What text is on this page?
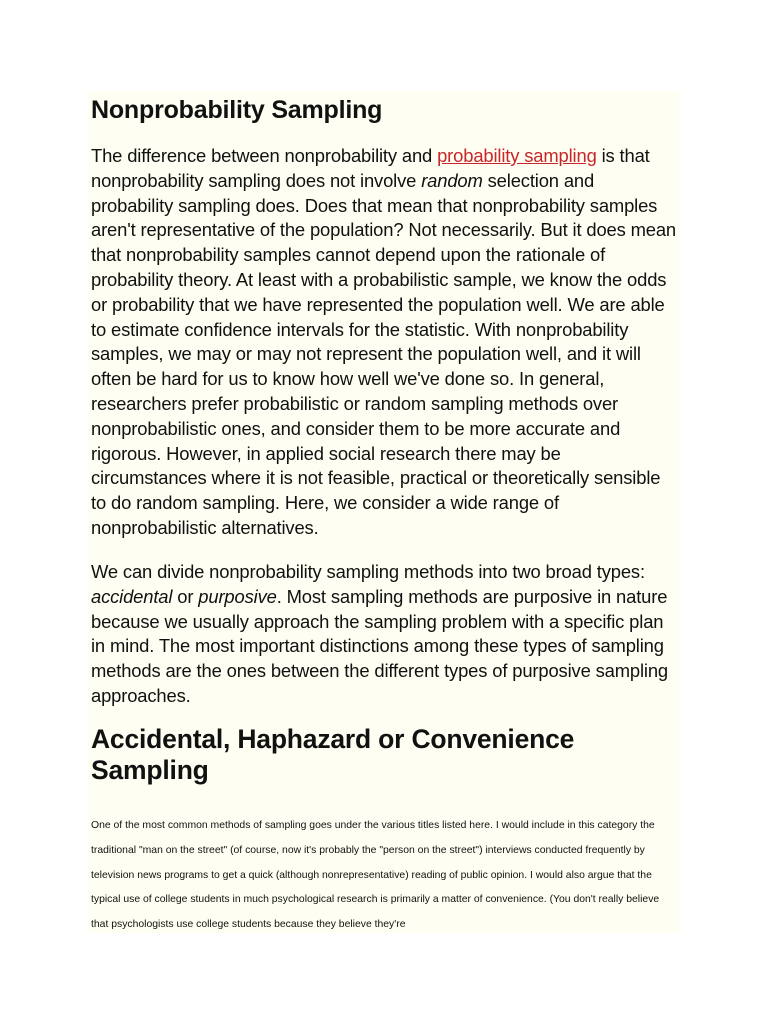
Nonprobability Sampling

The difference between nonprobability and probability sampling is that nonprobability sampling does not involve random selection and probability sampling does. Does that mean that nonprobability samples aren't representative of the population? Not necessarily. But it does mean that nonprobability samples cannot depend upon the rationale of probability theory. At least with a probabilistic sample, we know the odds or probability that we have represented the population well. We are able to estimate confidence intervals for the statistic. With nonprobability samples, we may or may not represent the population well, and it will often be hard for us to know how well we've done so. In general, researchers prefer probabilistic or random sampling methods over nonprobabilistic ones, and consider them to be more accurate and rigorous. However, in applied social research there may be circumstances where it is not feasible, practical or theoretically sensible to do random sampling. Here, we consider a wide range of nonprobabilistic alternatives.

We can divide nonprobability sampling methods into two broad types: accidental or purposive. Most sampling methods are purposive in nature because we usually approach the sampling problem with a specific plan in mind. The most important distinctions among these types of sampling methods are the ones between the different types of purposive sampling approaches.

Accidental, Haphazard or Convenience Sampling

One of the most common methods of sampling goes under the various titles listed here. I would include in this category the traditional "man on the street" (of course, now it's probably the "person on the street") interviews conducted frequently by television news programs to get a quick (although nonrepresentative) reading of public opinion. I would also argue that the typical use of college students in much psychological research is primarily a matter of convenience. (You don't really believe that psychologists use college students because they believe they're
